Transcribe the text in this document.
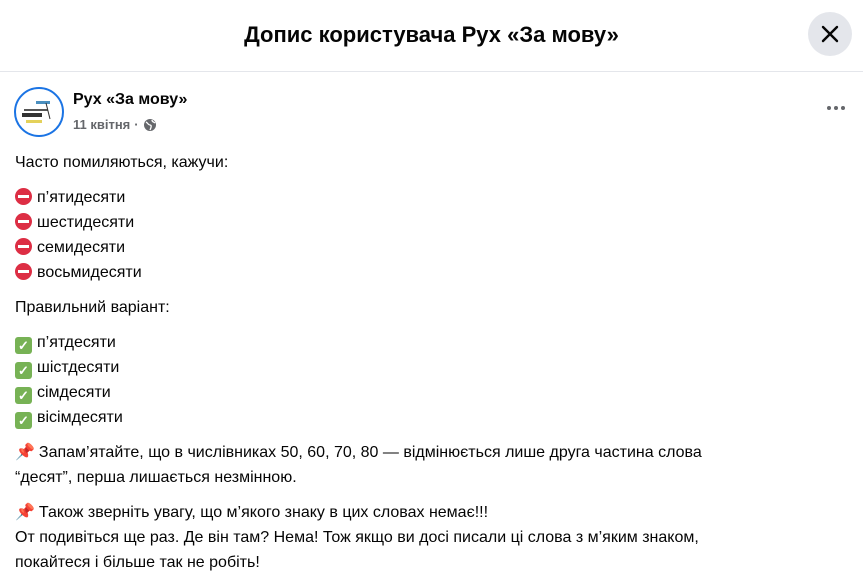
Допис користувача Рух «За мову»
Рух «За мову»
11 квітня ·
Часто помиляються, кажучи:
п’ятидесяти
шестидесяти
семидесяти
восьмидесяти
Правильний варіант:
✓ п’ятдесяти
✓ шістдесяти
✓ сімдесяти
✓ вісімдесяти
📌 Запам’ятайте, що в числівниках 50, 60, 70, 80 — відмінюється лише друга частина слова
“десят”, перша лишається незмінною.
📌 Також зверніть увагу, що м’якого знаку в цих словах немає!!!
От подивіться ще раз. Де він там? Нема! Тож якщо ви досі писали ці слова з м’яким знаком,
покайтеся і більше так не робіть!
